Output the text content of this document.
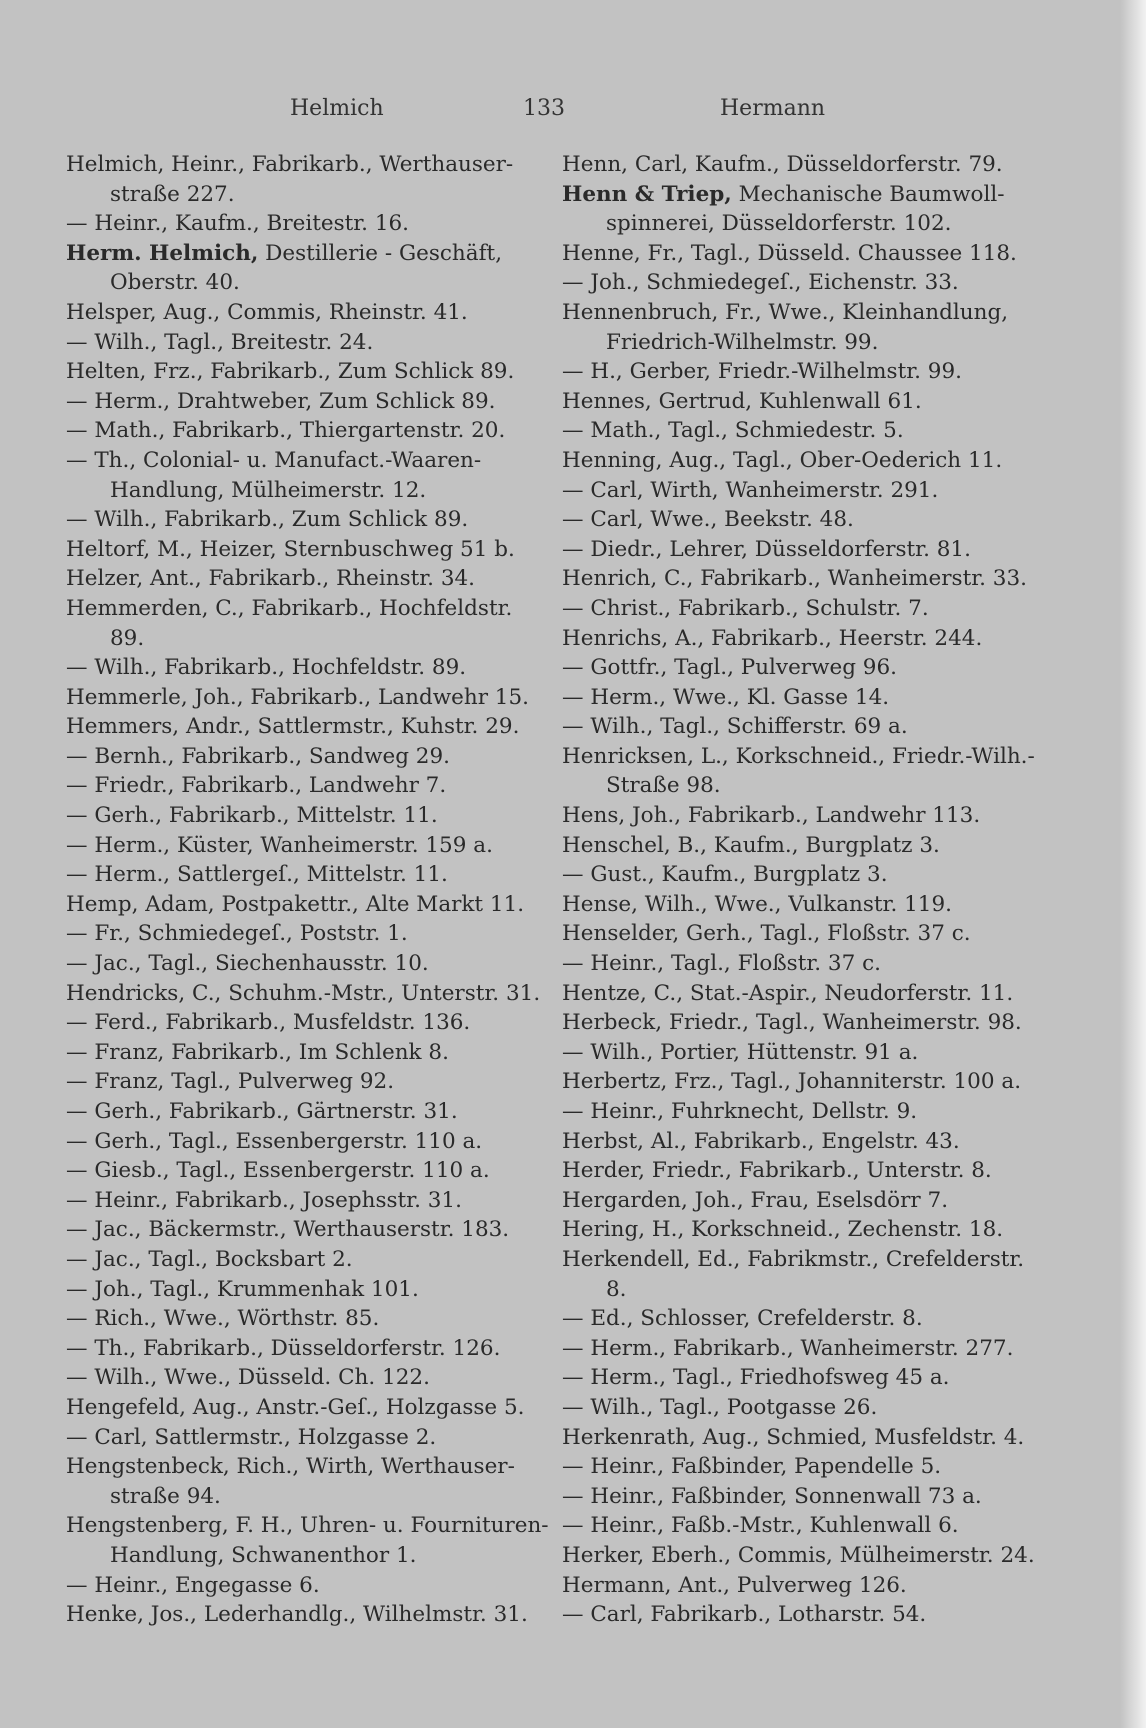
Helmich	133	Hermann

Helmich, Heinr., Fabrikarb., Werthauser-straße 227.

— Heinr., Kaufm., Breitestr. 16.

Herm. Helmich, Destillerie - Geschäft, Oberstr. 40.

Helsper, Aug., Commis, Rheinstr. 41.

— Wilh., Tagl., Breitestr. 24.

Helten, Frz., Fabrikarb., Zum Schlick 89.

— Herm., Drahtweber, Zum Schlick 89.

— Math., Fabrikarb., Thiergartenstr. 20.

— Th., Colonial- u. Manufact.-Waaren-Handlung, Mülheimerstr. 12.

— Wilh., Fabrikarb., Zum Schlick 89.

Heltorf, M., Heizer, Sternbuschweg 51 b.

Helzer, Ant., Fabrikarb., Rheinstr. 34.

Hemmerden, C., Fabrikarb., Hochfeldstr. 89.

— Wilh., Fabrikarb., Hochfeldstr. 89.

Hemmerle, Joh., Fabrikarb., Landwehr 15.

Hemmers, Andr., Sattlermstr., Kuhstr. 29.

— Bernh., Fabrikarb., Sandweg 29.

— Friedr., Fabrikarb., Landwehr 7.

— Gerh., Fabrikarb., Mittelstr. 11.

— Herm., Küster, Wanheimerstr. 159 a.

— Herm., Sattlergeſ., Mittelstr. 11.

Hemp, Adam, Postpakettr., Alte Markt 11.

— Fr., Schmiedegeſ., Poststr. 1.

— Jac., Tagl., Siechenhausstr. 10.

Hendricks, C., Schuhm.-Mstr., Unterstr. 31.

— Ferd., Fabrikarb., Musfeldstr. 136.

— Franz, Fabrikarb., Im Schlenk 8.

— Franz, Tagl., Pulverweg 92.

— Gerh., Fabrikarb., Gärtnerstr. 31.

— Gerh., Tagl., Essenbergerstr. 110 a.

— Giesb., Tagl., Essenbergerstr. 110 a.

— Heinr., Fabrikarb., Josephsstr. 31.

— Jac., Bäckermstr., Werthauserstr. 183.

— Jac., Tagl., Bocksbart 2.

— Joh., Tagl., Krummenhak 101.

— Rich., Wwe., Wörthstr. 85.

— Th., Fabrikarb., Düsseldorferstr. 126.

— Wilh., Wwe., Düsseld. Ch. 122.

Hengefeld, Aug., Anstr.-Geſ., Holzgasse 5.

— Carl, Sattlermstr., Holzgasse 2.

Hengstenbeck, Rich., Wirth, Werthauser-straße 94.

Hengstenberg, F. H., Uhren- u. Fournituren-Handlung, Schwanenthor 1.

— Heinr., Engegasse 6.

Henke, Jos., Lederhandlg., Wilhelmstr. 31.

Henn, Carl, Kaufm., Düsseldorferstr. 79.

Henn & Triep, Mechanische Baumwoll-spinnerei, Düsseldorferstr. 102.

Henne, Fr., Tagl., Düsseld. Chaussee 118.

— Joh., Schmiedegeſ., Eichenstr. 33.

Hennenbruch, Fr., Wwe., Kleinhandlung, Friedrich-Wilhelmstr. 99.

— H., Gerber, Friedr.-Wilhelmstr. 99.

Hennes, Gertrud, Kuhlenwall 61.

— Math., Tagl., Schmiedestr. 5.

Henning, Aug., Tagl., Ober-Oederich 11.

— Carl, Wirth, Wanheimerstr. 291.

— Carl, Wwe., Beekstr. 48.

— Diedr., Lehrer, Düsseldorferstr. 81.

Henrich, C., Fabrikarb., Wanheimerstr. 33.

— Christ., Fabrikarb., Schulstr. 7.

Henrichs, A., Fabrikarb., Heerstr. 244.

— Gottfr., Tagl., Pulverweg 96.

— Herm., Wwe., Kl. Gasse 14.

— Wilh., Tagl., Schifferstr. 69 a.

Henricksen, L., Korkschneid., Friedr.-Wilh.-Straße 98.

Hens, Joh., Fabrikarb., Landwehr 113.

Henschel, B., Kaufm., Burgplatz 3.

— Gust., Kaufm., Burgplatz 3.

Hense, Wilh., Wwe., Vulkanstr. 119.

Henselder, Gerh., Tagl., Floßstr. 37 c.

— Heinr., Tagl., Floßstr. 37 c.

Hentze, C., Stat.-Aspir., Neudorferstr. 11.

Herbeck, Friedr., Tagl., Wanheimerstr. 98.

— Wilh., Portier, Hüttenstr. 91 a.

Herbertz, Frz., Tagl., Johanniterstr. 100 a.

— Heinr., Fuhrknecht, Dellstr. 9.

Herbst, Al., Fabrikarb., Engelstr. 43.

Herder, Friedr., Fabrikarb., Unterstr. 8.

Hergarden, Joh., Frau, Eselsdörr 7.

Hering, H., Korkschneid., Zechenstr. 18.

Herkendell, Ed., Fabrikmstr., Crefelderstr. 8.

— Ed., Schlosser, Crefelderstr. 8.

— Herm., Fabrikarb., Wanheimerstr. 277.

— Herm., Tagl., Friedhofsweg 45 a.

— Wilh., Tagl., Pootgasse 26.

Herkenrath, Aug., Schmied, Musfeldstr. 4.

— Heinr., Faßbinder, Papendelle 5.

— Heinr., Faßbinder, Sonnenwall 73 a.

— Heinr., Faßb.-Mstr., Kuhlenwall 6.

Herker, Eberh., Commis, Mülheimerstr. 24.

Hermann, Ant., Pulverweg 126.

— Carl, Fabrikarb., Lotharstr. 54.
